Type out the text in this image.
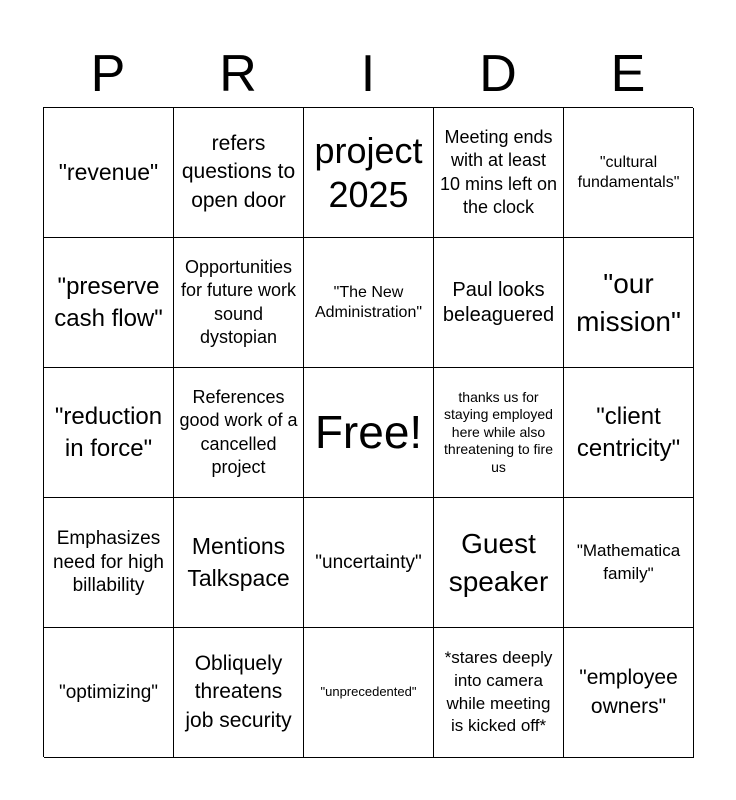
P	R	I	D	E
"revenue"
refers questions to open door
project 2025
Meeting ends with at least 10 mins left on the clock
"cultural fundamentals"
"preserve cash flow"
Opportunities for future work sound dystopian
"The New Administration"
Paul looks beleaguered
"our mission"
"reduction in force"
References good work of a cancelled project
Free!
thanks us for staying employed here while also threatening to fire us
"client centricity"
Emphasizes need for high billability
Mentions Talkspace
"uncertainty"
Guest speaker
"Mathematica family"
"optimizing"
Obliquely threatens job security
"unprecedented"
*stares deeply into camera while meeting is kicked off*
"employee owners"
